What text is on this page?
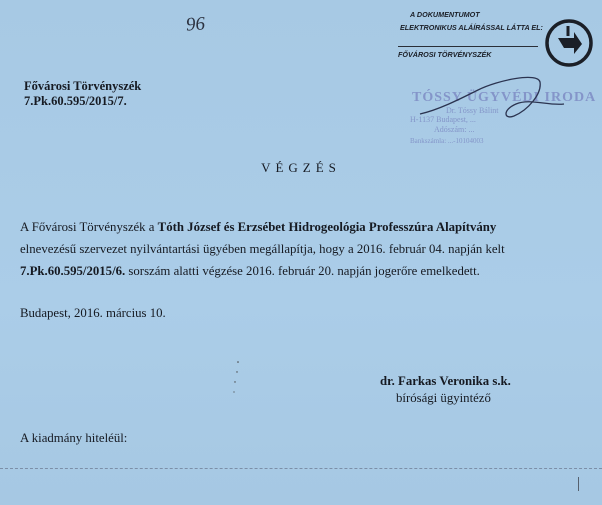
96	A DOKUMENTUMOT
ELEKTRONIKUS ALÁÍRÁSSAL LÁTTA EL:
FŐVÁROSI TÖRVÉNYSZÉK
TÓSSY ÜGYVÉDI IRODA
Dr. Tóssy Bálint
H-1137 Budapest, ...
Adószám: ...
Bankszámla: ...-10104003
Fővárosi Törvényszék
7.Pk.60.595/2015/7.
VÉGZÉS
A Fővárosi Törvényszék a Tóth József és Erzsébet Hidrogeológia Professzúra Alapítvány
elnevezésű szervezet nyilvántartási ügyében megállapítja, hogy a 2016. február 04. napján kelt
7.Pk.60.595/2015/6. sorszám alatti végzése 2016. február 20. napján jogerőre emelkedett.
Budapest, 2016. március 10.
dr. Farkas Veronika s.k.
bírósági ügyintéző
A kiadmány hiteléül:
